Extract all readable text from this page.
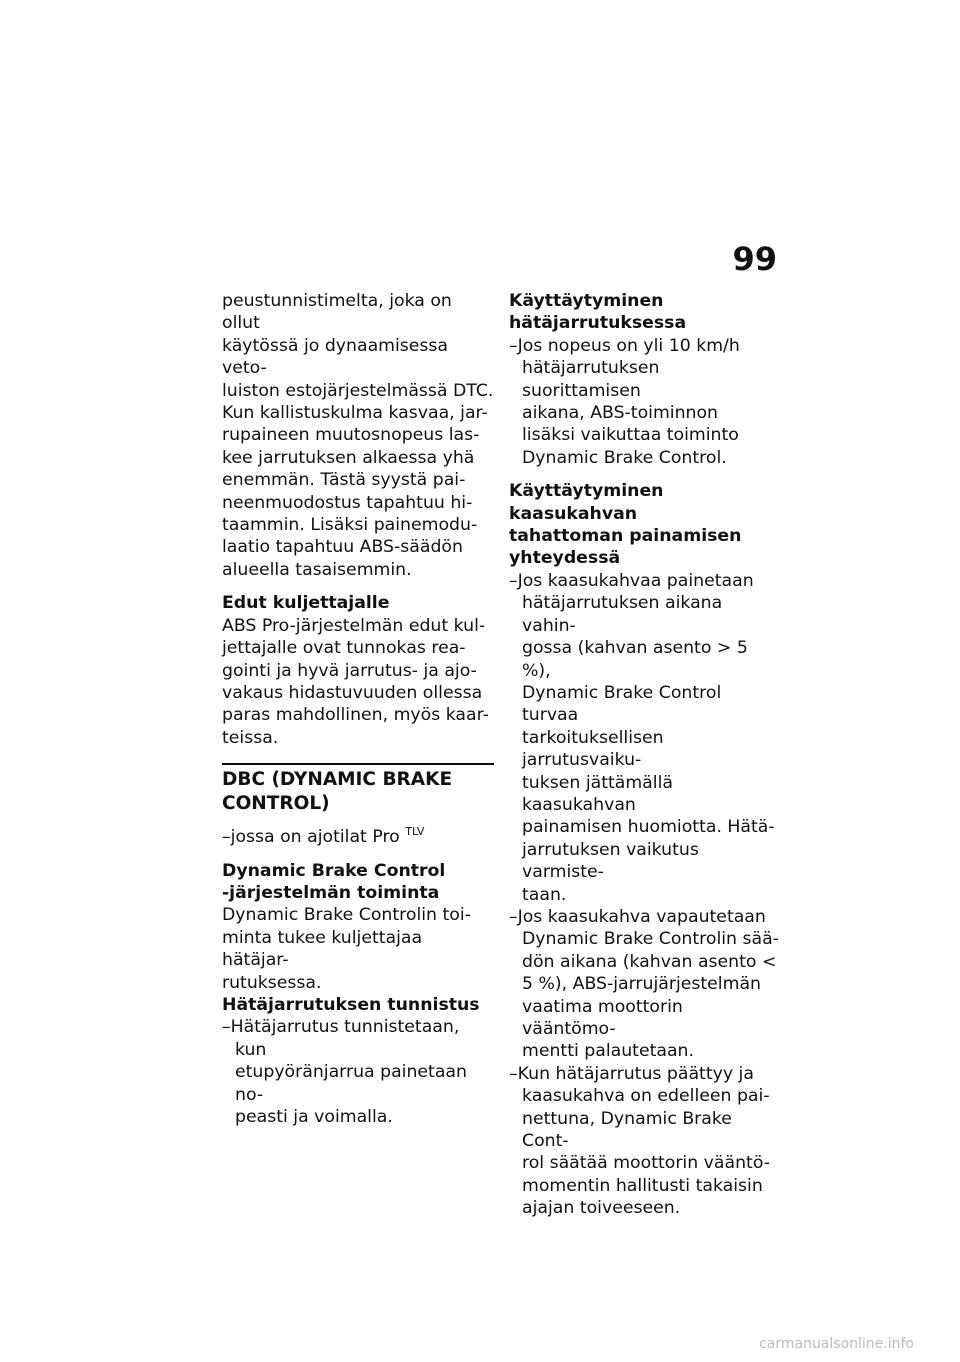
99

peustunnistimelta, joka on ollut
käytössä jo dynaamisessa veto-
luiston estojärjestelmässä DTC.
Kun kallistuskulma kasvaa, jar-
rupaineen muutosnopeus las-
kee jarrutuksen alkaessa yhä
enemmän. Tästä syystä pai-
neenmuodostus tapahtuu hi-
taammin. Lisäksi painemodu-
laatio tapahtuu ABS-säädön
alueella tasaisemmin.

Edut kuljettajalle

ABS Pro-järjestelmän edut kul-
jettajalle ovat tunnokas rea-
gointi ja hyvä jarrutus- ja ajo-
vakaus hidastuvuuden ollessa
paras mahdollinen, myös kaar-
teissa.

DBC (DYNAMIC BRAKE
CONTROL)

–jossa on ajotilat Pro $^{TLV}$

Dynamic Brake Control
-järjestelmän toiminta

Dynamic Brake Controlin toi-
minta tukee kuljettajaa hätäjar-
rutuksessa.

Hätäjarrutuksen tunnistus
–Hätäjarrutus tunnistetaan, kun
etupyöränjarrua painetaan no-
peasti ja voimalla.
Käyttäytyminen
hätäjarrutuksessa
–Jos nopeus on yli 10 km/h
hätäjarrutuksen suorittamisen
aikana, ABS-toiminnon
lisäksi vaikuttaa toiminto
Dynamic Brake Control.
Käyttäytyminen kaasukahvan
tahattoman painamisen
yhteydessä
–Jos kaasukahvaa painetaan
hätäjarrutuksen aikana vahin-
gossa (kahvan asento > 5 %),
Dynamic Brake Control turvaa
tarkoituksellisen jarrutusvaiku-
tuksen jättämällä kaasukahvan
painamisen huomiotta. Hätä-
jarrutuksen vaikutus varmiste-
taan.
–Jos kaasukahva vapautetaan
Dynamic Brake Controlin sää-
dön aikana (kahvan asento <
5 %), ABS-jarrujärjestelmän
vaatima moottorin vääntömo-
mentti palautetaan.
–Kun hätäjarrutus päättyy ja
kaasukahva on edelleen pai-
nettuna, Dynamic Brake Cont-
rol säätää moottorin vääntö-
momentin hallitusti takaisin
ajajan toiveeseen.
carmanualsonline.info
